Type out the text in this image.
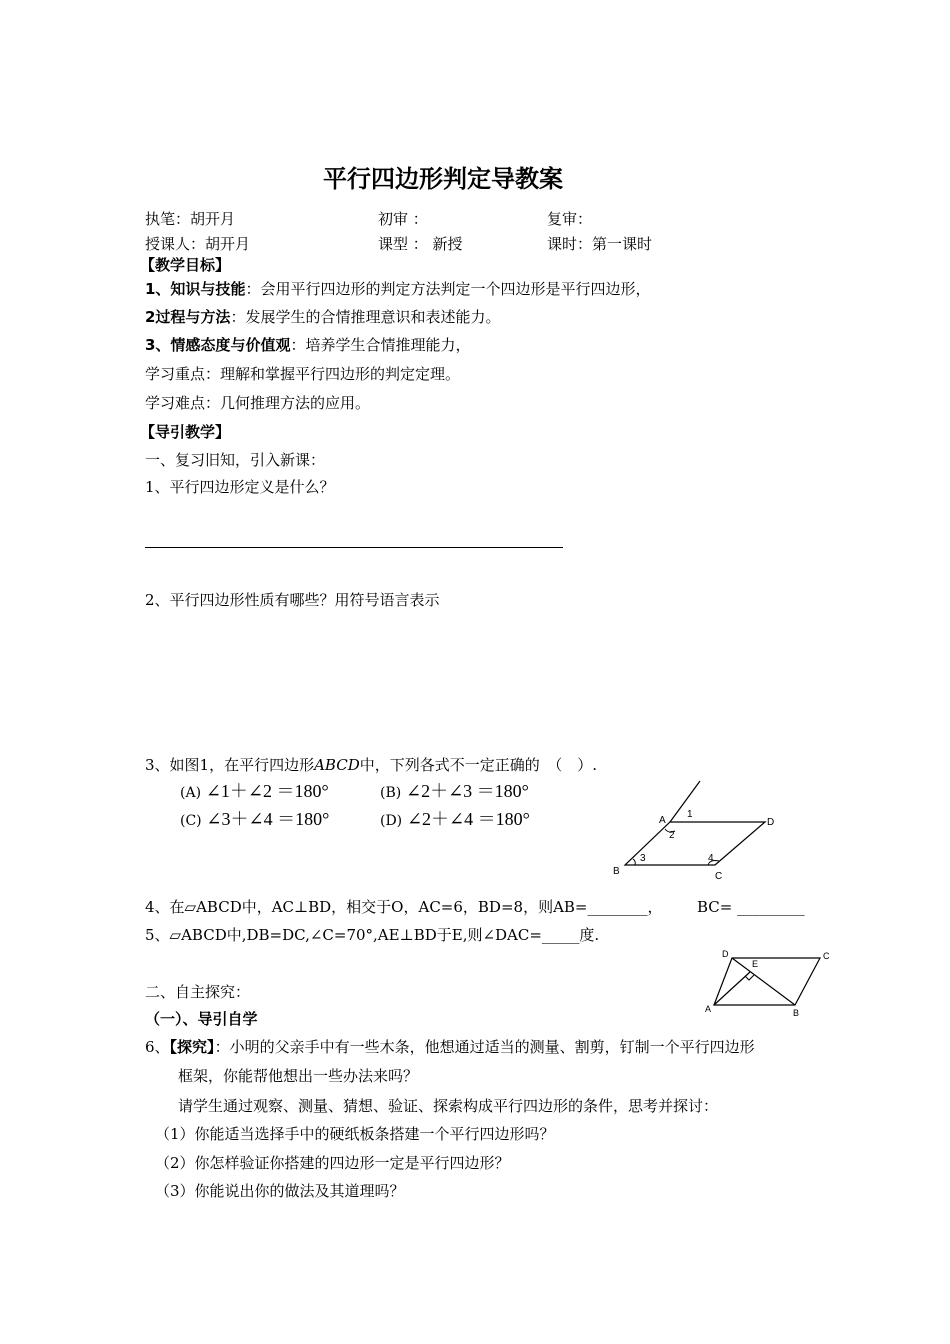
平行四边形判定导教案
执笔：胡开月	初审 ：	复审：
授课人：胡开月	课型 ： 新授	课时：第一课时
【教学目标】
1、知识与技能：会用平行四边形的判定方法判定一个四边形是平行四边形，
2过程与方法：发展学生的合情推理意识和表述能力。
3、情感态度与价值观：培养学生合情推理能力，
学习重点：理解和掌握平行四边形的判定定理。
学习难点：几何推理方法的应用。
【导引教学】
一、复习旧知，引入新课：
1、平行四边形定义是什么？
2、平行四边形性质有哪些？用符号语言表示
3、如图1，在平行四边形ABCD中，下列各式不一定正确的　（　）.
(A) ∠1＋∠2 ＝180°	(B) ∠2＋∠3 ＝180°
(C) ∠3＋∠4 ＝180°	(D) ∠2＋∠4 ＝180°	A
B	C
D
1
2
3	4
4、在▱ABCD中，AC⊥BD，相交于O，AC=6，BD=8，则AB=________， BC= _________
5、▱ABCD中,DB=DC,∠C=70°,AE⊥BD于E,则∠DAC=_____度.
D
E
C
A	B
二、自主探究：
（一）、导引自学
6、【探究】：小明的父亲手中有一些木条，他想通过适当的测量、割剪，钉制一个平行四边形
框架，你能帮他想出一些办法来吗？
请学生通过观察、测量、猜想、验证、探索构成平行四边形的条件，思考并探讨：
（1）你能适当选择手中的硬纸板条搭建一个平行四边形吗？
（2）你怎样验证你搭建的四边形一定是平行四边形？
（3）你能说出你的做法及其道理吗？
